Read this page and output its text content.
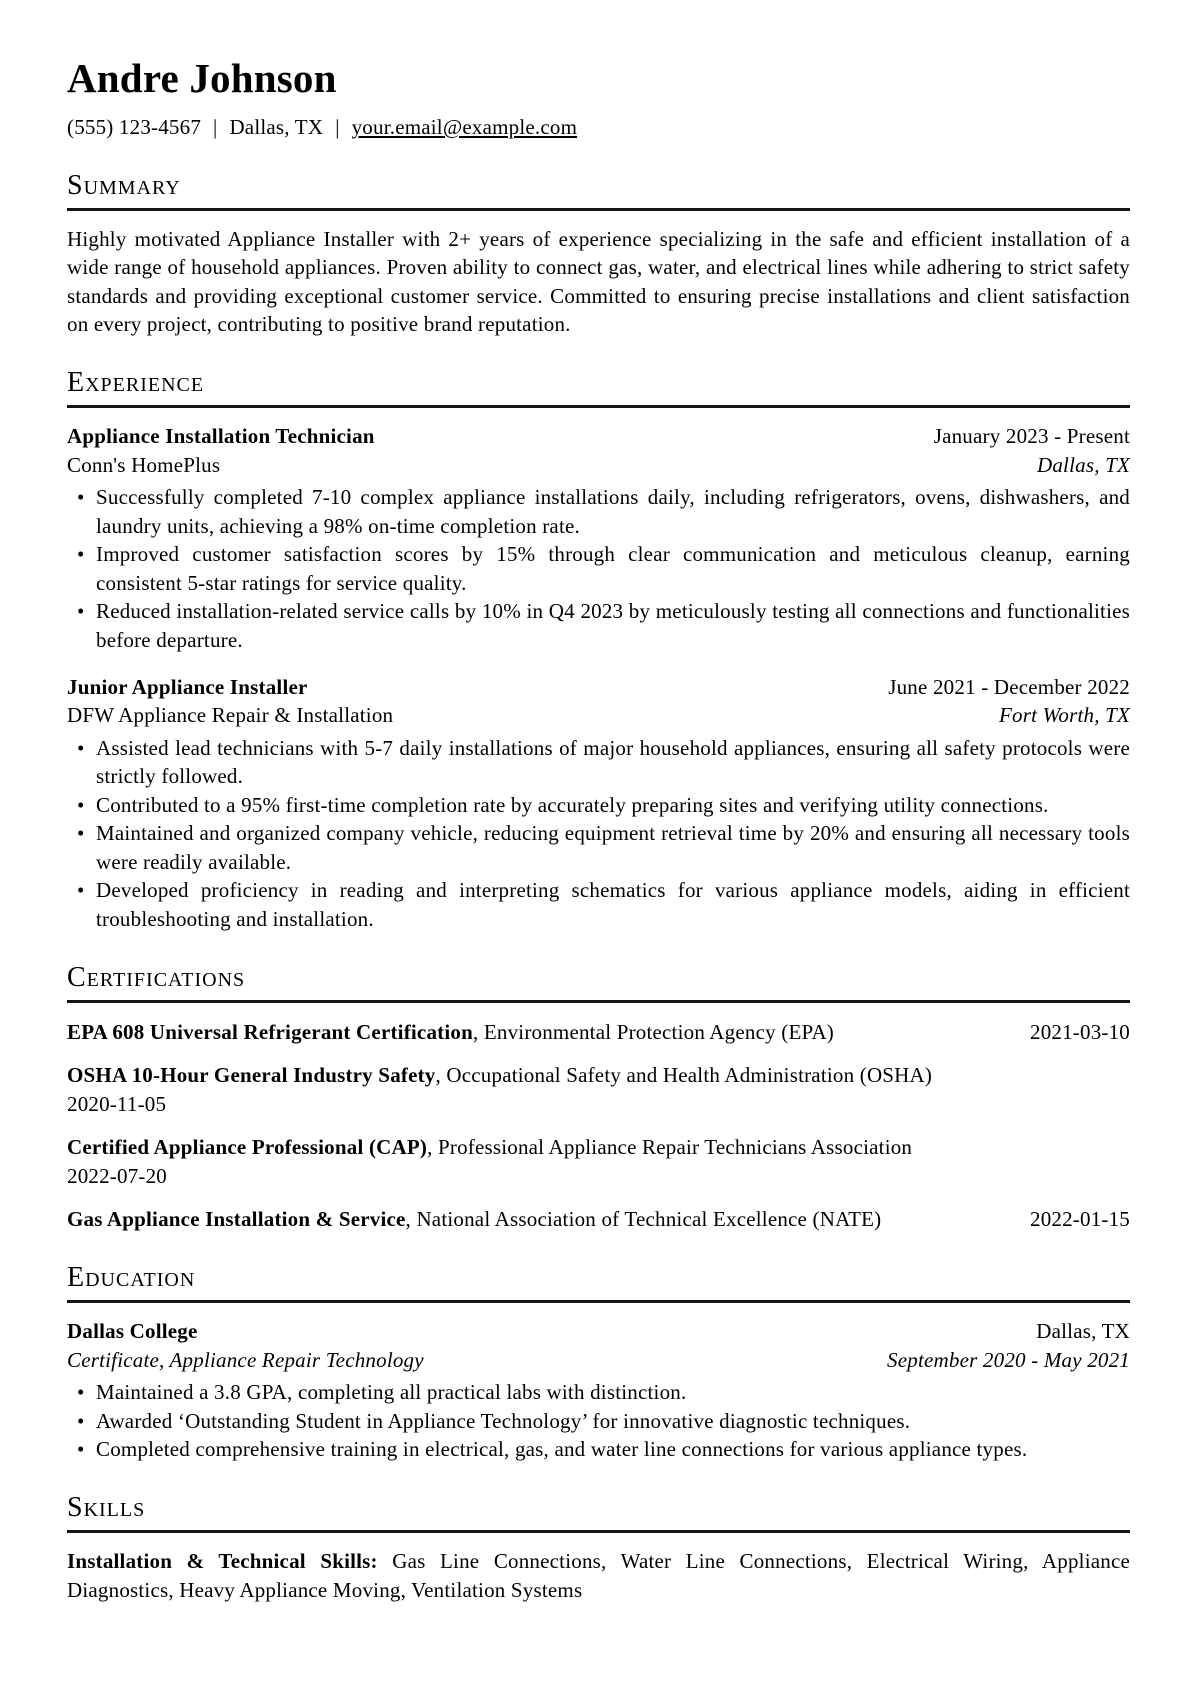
Andre Johnson
(555) 123-4567 | Dallas, TX | your.email@example.com
Summary

Highly motivated Appliance Installer with 2+ years of experience specializing in the safe and efficient installation of a wide range of household appliances. Proven ability to connect gas, water, and electrical lines while adhering to strict safety standards and providing exceptional customer service. Committed to ensuring precise installations and client satisfaction on every project, contributing to positive brand reputation.

Experience
Appliance Installation Technician	January 2023 - Present
Conn's HomePlus	Dallas, TX
• Successfully completed 7-10 complex appliance installations daily, including refrigerators, ovens, dishwashers, and laundry units, achieving a 98% on-time completion rate.
• Improved customer satisfaction scores by 15% through clear communication and meticulous cleanup, earning consistent 5-star ratings for service quality.
• Reduced installation-related service calls by 10% in Q4 2023 by meticulously testing all connections and functionalities before departure.
Junior Appliance Installer	June 2021 - December 2022
DFW Appliance Repair & Installation	Fort Worth, TX
• Assisted lead technicians with 5-7 daily installations of major household appliances, ensuring all safety protocols were strictly followed.
• Contributed to a 95% first-time completion rate by accurately preparing sites and verifying utility connections.
• Maintained and organized company vehicle, reducing equipment retrieval time by 20% and ensuring all necessary tools were readily available.
• Developed proficiency in reading and interpreting schematics for various appliance models, aiding in efficient troubleshooting and installation.
Certifications
EPA 608 Universal Refrigerant Certification, Environmental Protection Agency (EPA)	2021-03-10
OSHA 10-Hour General Industry Safety, Occupational Safety and Health Administration (OSHA)
2020-11-05
Certified Appliance Professional (CAP), Professional Appliance Repair Technicians Association
2022-07-20
Gas Appliance Installation & Service, National Association of Technical Excellence (NATE)	2022-01-15
Education
Dallas College	Dallas, TX
Certificate, Appliance Repair Technology	September 2020 - May 2021
• Maintained a 3.8 GPA, completing all practical labs with distinction.
• Awarded ‘Outstanding Student in Appliance Technology’ for innovative diagnostic techniques.
• Completed comprehensive training in electrical, gas, and water line connections for various appliance types.
Skills

Installation & Technical Skills: Gas Line Connections, Water Line Connections, Electrical Wiring, Appliance Diagnostics, Heavy Appliance Moving, Ventilation Systems
